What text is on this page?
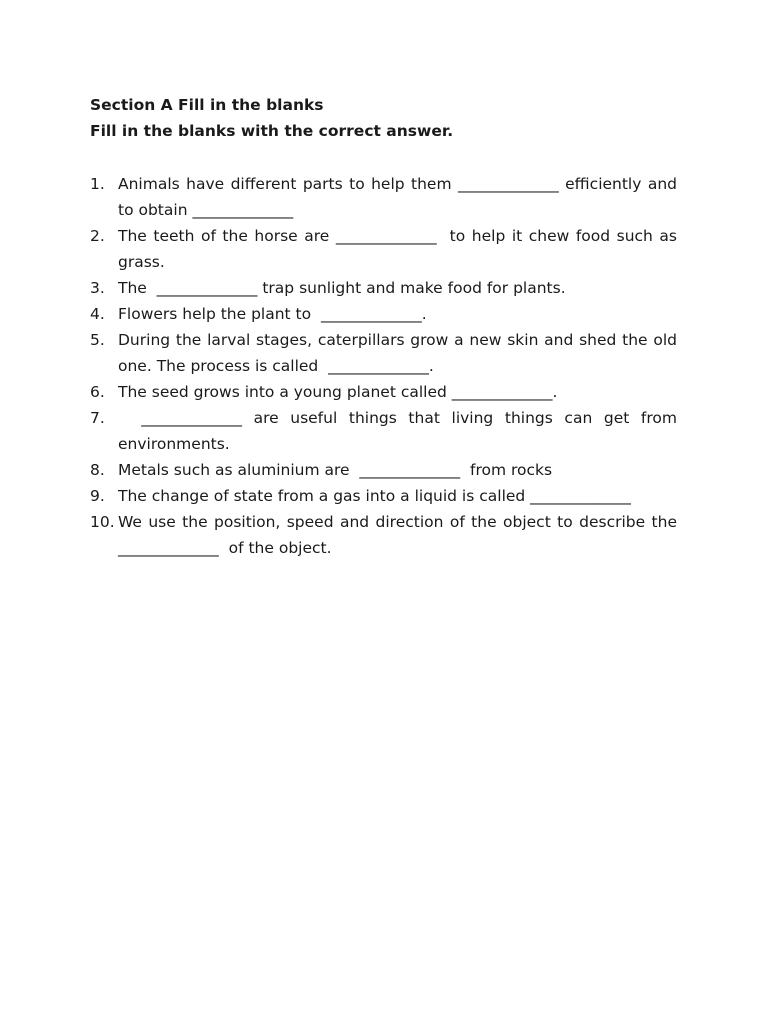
Section A Fill in the blanks

Fill in the blanks with the correct answer.

1. Animals have different parts to help them _____________ efficiently and to obtain _____________
2. The teeth of the horse are _____________  to help it chew food such as grass.
3. The  _____________ trap sunlight and make food for plants.
4. Flowers help the plant to  _____________.
5. During the larval stages, caterpillars grow a new skin and shed the old one. The process is called  _____________.
6. The seed grows into a young planet called _____________.
7. _____________ are useful things that living things can get from environments.
8. Metals such as aluminium are  _____________  from rocks
9. The change of state from a gas into a liquid is called _____________
10. We use the position, speed and direction of the object to describe the  _____________  of the object.
